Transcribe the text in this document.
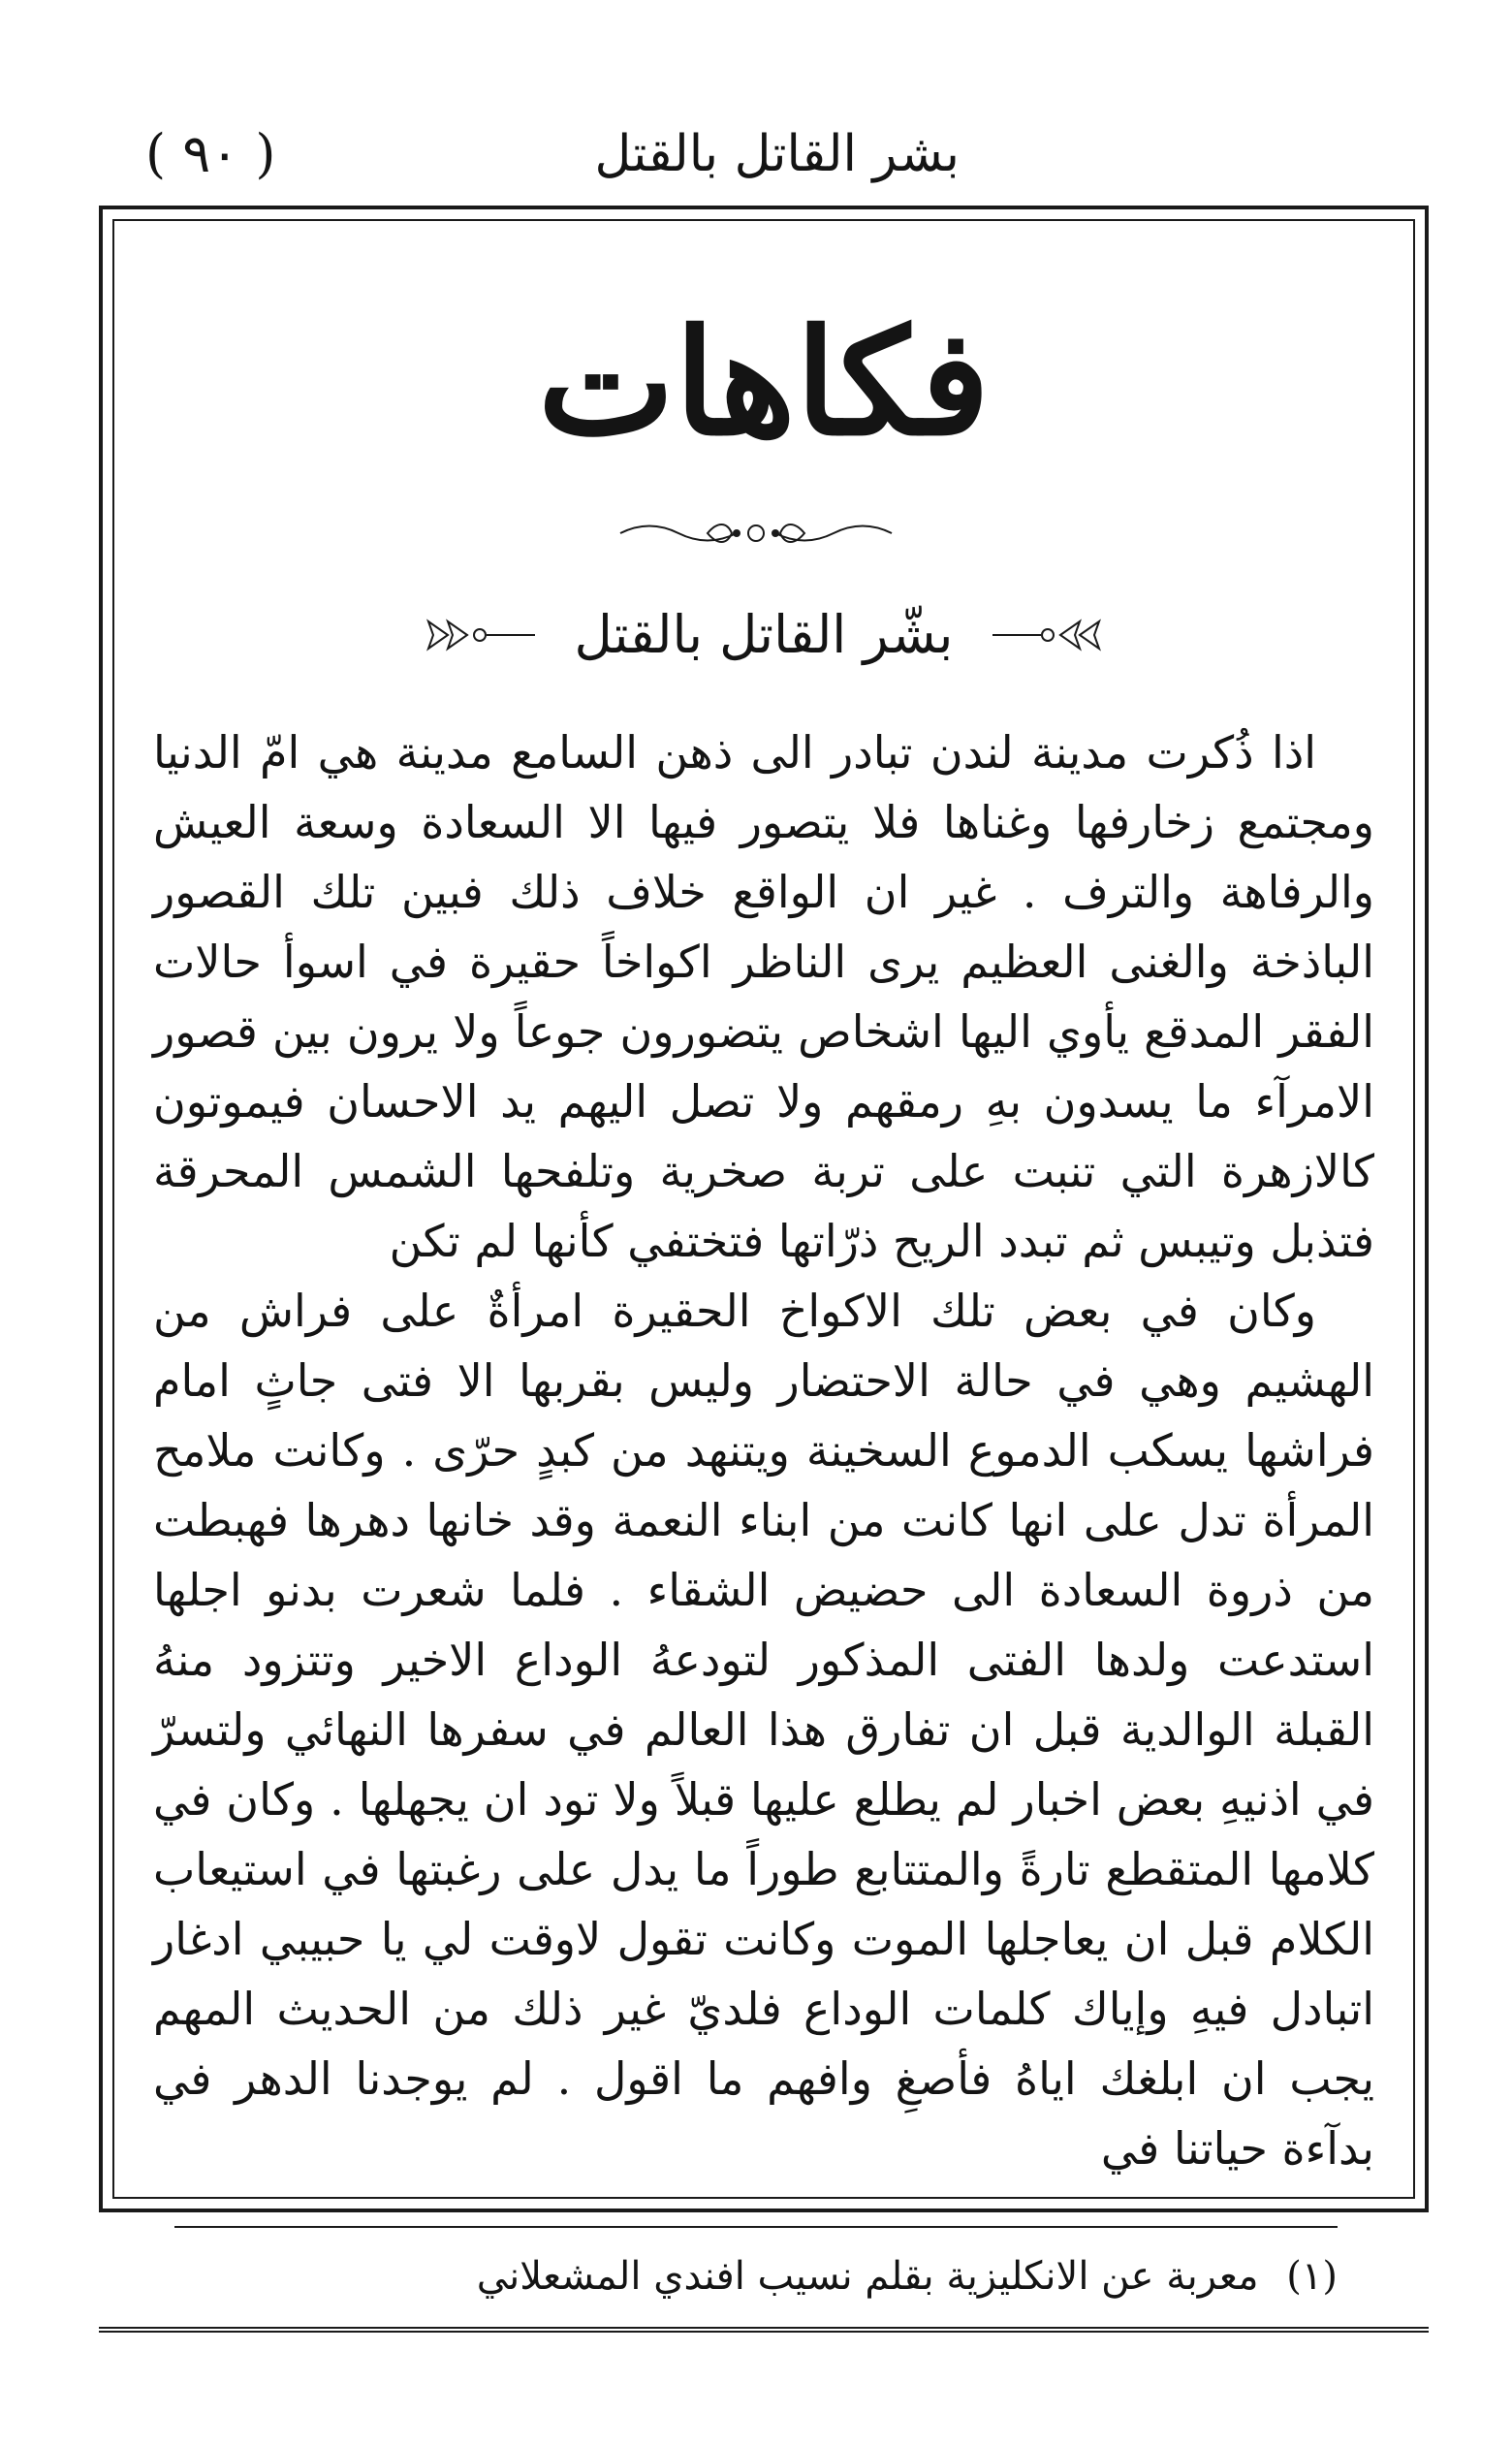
بشر القاتل بالقتل
( ٩٠ )
فكاهات
بشّر القاتل بالقتل

اذا ذُكرت مدينة لندن تبادر الى ذهن السامع مدينة هي امّ الدنيا ومجتمع زخارفها وغناها فلا يتصور فيها الا السعادة وسعة العيش والرفاهة والترف . غير ان الواقع خلاف ذلك فبين تلك القصور الباذخة والغنى العظيم يرى الناظر اكواخاً حقيرة في اسوأ حالات الفقر المدقع يأوي اليها اشخاص يتضورون جوعاً ولا يرون بين قصور الامرآء ما يسدون بهِ رمقهم ولا تصل اليهم يد الاحسان فيموتون كالازهرة التي تنبت على تربة صخرية وتلفحها الشمس المحرقة فتذبل وتيبس ثم تبدد الريح ذرّاتها فتختفي كأنها لم تكن

وكان في بعض تلك الاكواخ الحقيرة امرأةٌ على فراش من الهشيم وهي في حالة الاحتضار وليس بقربها الا فتى جاثٍ امام فراشها يسكب الدموع السخينة ويتنهد من كبدٍ حرّى . وكانت ملامح المرأة تدل على انها كانت من ابناء النعمة وقد خانها دهرها فهبطت من ذروة السعادة الى حضيض الشقاء . فلما شعرت بدنو اجلها استدعت ولدها الفتى المذكور لتودعهُ الوداع الاخير وتتزود منهُ القبلة الوالدية قبل ان تفارق هذا العالم في سفرها النهائي ولتسرّ في اذنيهِ بعض اخبار لم يطلع عليها قبلاً ولا تود ان يجهلها . وكان في كلامها المتقطع تارةً والمتتابع طوراً ما يدل على رغبتها في استيعاب الكلام قبل ان يعاجلها الموت وكانت تقول لاوقت لي يا حبيبي ادغار اتبادل فيهِ وإياك كلمات الوداع فلديّ غير ذلك من الحديث المهم يجب ان ابلغك اياهُ فأصغِ وافهم ما اقول . لم يوجدنا الدهر في بدآءة حياتنا في

(١) معربة عن الانكليزية بقلم نسيب افندي المشعلاني
